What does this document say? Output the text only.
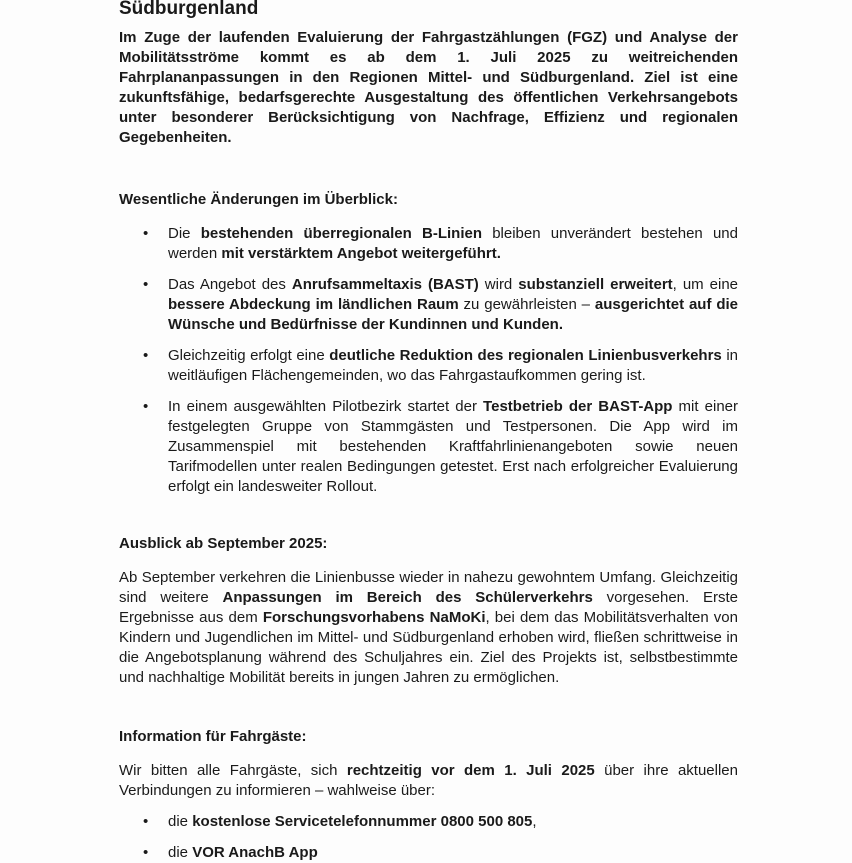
Südburgenland

Im Zuge der laufenden Evaluierung der Fahrgastzählungen (FGZ) und Analyse der Mobilitätsströme kommt es ab dem 1. Juli 2025 zu weitreichenden Fahrplananpassungen in den Regionen Mittel- und Südburgenland. Ziel ist eine zukunftsfähige, bedarfsgerechte Ausgestaltung des öffentlichen Verkehrsangebots unter besonderer Berücksichtigung von Nachfrage, Effizienz und regionalen Gegebenheiten.

Wesentliche Änderungen im Überblick:
• Die bestehenden überregionalen B-Linien bleiben unverändert bestehen und werden mit verstärktem Angebot weitergeführt.
• Das Angebot des Anrufsammeltaxis (BAST) wird substanziell erweitert, um eine bessere Abdeckung im ländlichen Raum zu gewährleisten – ausgerichtet auf die Wünsche und Bedürfnisse der Kundinnen und Kunden.
• Gleichzeitig erfolgt eine deutliche Reduktion des regionalen Linienbusverkehrs in weitläufigen Flächengemeinden, wo das Fahrgastaufkommen gering ist.
• In einem ausgewählten Pilotbezirk startet der Testbetrieb der BAST-App mit einer festgelegten Gruppe von Stammgästen und Testpersonen. Die App wird im Zusammenspiel mit bestehenden Kraftfahrlinienangeboten sowie neuen Tarifmodellen unter realen Bedingungen getestet. Erst nach erfolgreicher Evaluierung erfolgt ein landesweiter Rollout.
Ausblick ab September 2025:

Ab September verkehren die Linienbusse wieder in nahezu gewohntem Umfang. Gleichzeitig sind weitere Anpassungen im Bereich des Schülerverkehrs vorgesehen. Erste Ergebnisse aus dem Forschungsvorhabens NaMoKi, bei dem das Mobilitätsverhalten von Kindern und Jugendlichen im Mittel- und Südburgenland erhoben wird, fließen schrittweise in die Angebotsplanung während des Schuljahres ein. Ziel des Projekts ist, selbstbestimmte und nachhaltige Mobilität bereits in jungen Jahren zu ermöglichen.

Information für Fahrgäste:

Wir bitten alle Fahrgäste, sich rechtzeitig vor dem 1. Juli 2025 über ihre aktuellen Verbindungen zu informieren – wahlweise über:

• die kostenlose Servicetelefonnummer 0800 500 805,
• die VOR AnachB App
